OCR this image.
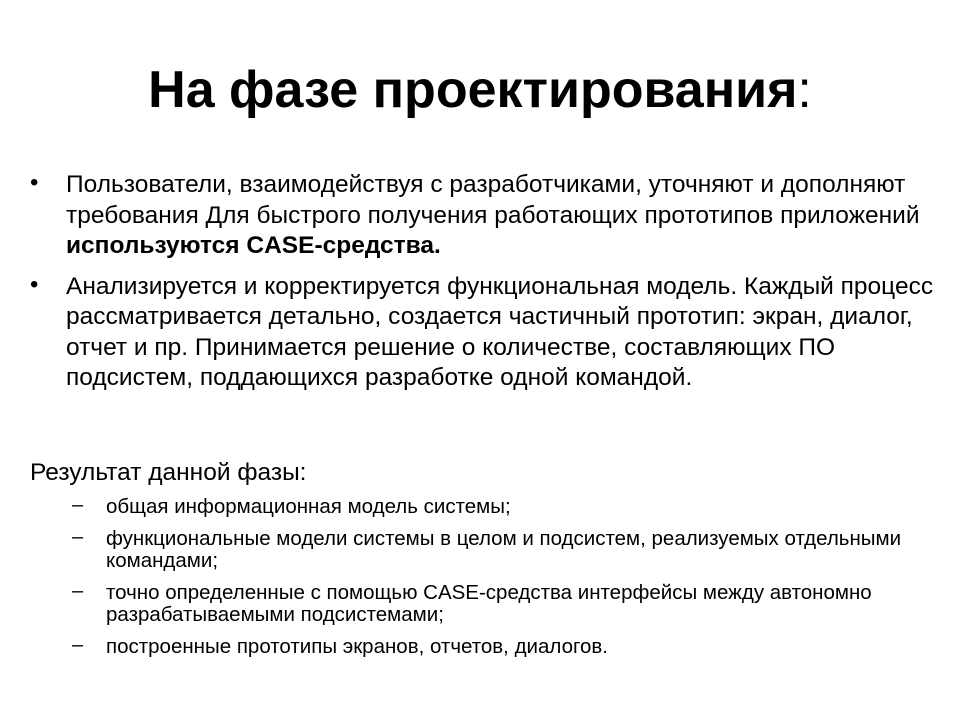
На фазе проектирования:
• Пользователи, взаимодействуя с разработчиками, уточняют и дополняют требования Для быстрого получения работающих прототипов приложений используются CASE-средства.
• Анализируется и корректируется функциональная модель. Каждый процесс рассматривается детально, создается частичный прототип: экран, диалог, отчет и пр. Принимается решение о количестве, составляющих ПО подсистем, поддающихся разработке одной командой.
Результат данной фазы:
– общая информационная модель системы;
– функциональные модели системы в целом и подсистем, реализуемых отдельными командами;
– точно определенные с помощью CASE-средства интерфейсы между автономно разрабатываемыми подсистемами;
– построенные прототипы экранов, отчетов, диалогов.
